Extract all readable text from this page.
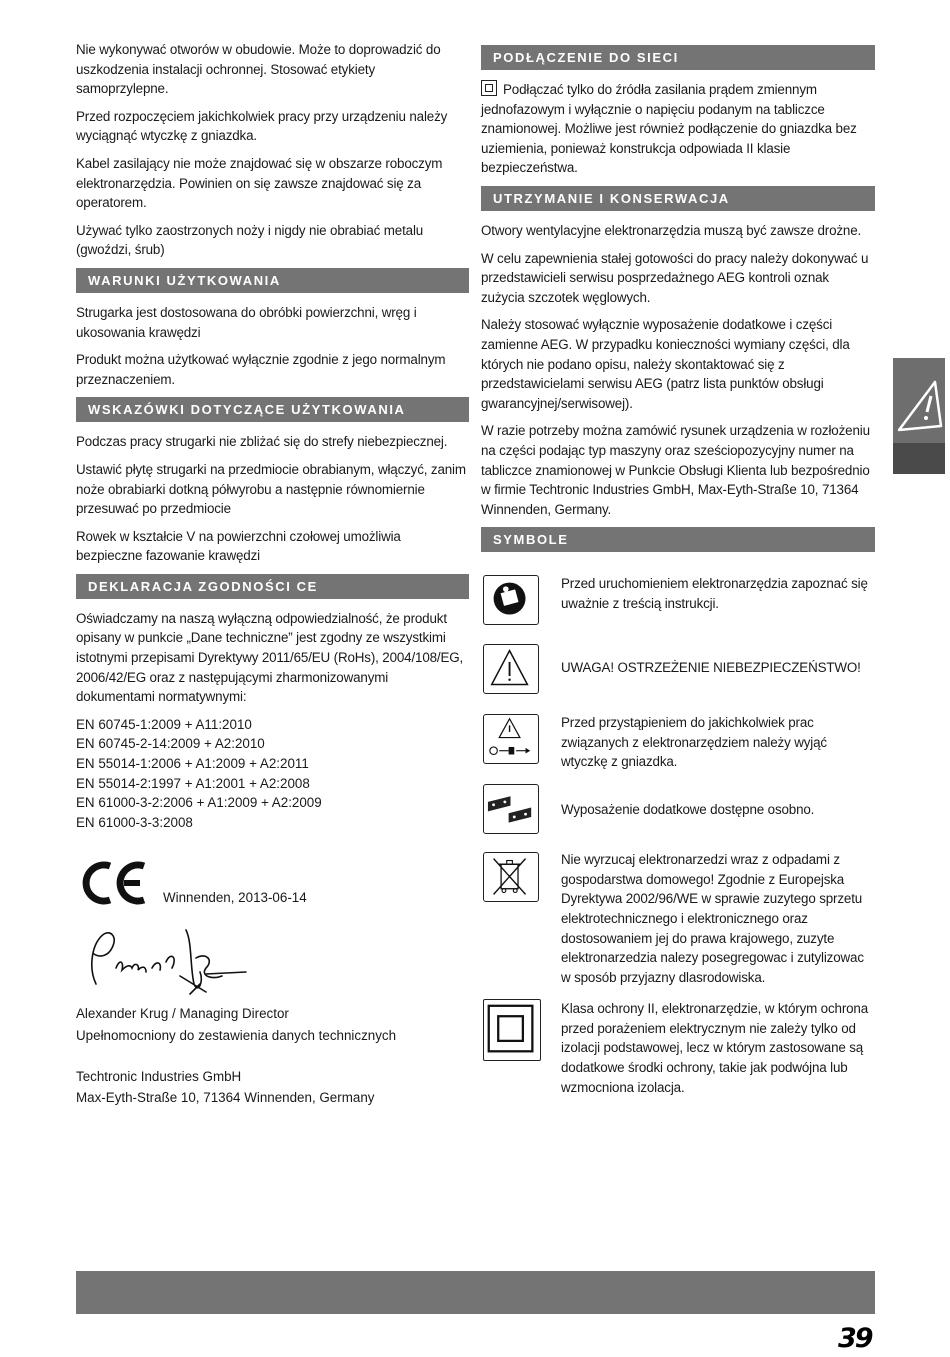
Nie wykonywać otworów w obudowie. Może to doprowadzić do uszkodzenia instalacji ochronnej. Stosować etykiety samoprzylepne.

Przed rozpoczęciem jakichkolwiek pracy przy urządzeniu należy wyciągnąć wtyczkę z gniazdka.

Kabel zasilający nie może znajdować się w obszarze roboczym elektronarzędzia. Powinien on się zawsze znajdować się za operatorem.

Używać tylko zaostrzonych noży i nigdy nie obrabiać metalu (gwoździ, śrub)

WARUNKI UŻYTKOWANIA

Strugarka jest dostosowana do obróbki powierzchni, wręg i ukosowania krawędzi

Produkt można użytkować wyłącznie zgodnie z jego normalnym przeznaczeniem.

WSKAZÓWKI DOTYCZĄCE UŻYTKOWANIA

Podczas pracy strugarki nie zbliżać się do strefy niebezpiecznej.

Ustawić płytę strugarki na przedmiocie obrabianym, włączyć, zanim noże obrabiarki dotkną półwyrobu a następnie równomiernie przesuwać po przedmiocie

Rowek w kształcie V na powierzchni czołowej umożliwia bezpieczne fazowanie krawędzi

DEKLARACJA ZGODNOŚCI CE

Oświadczamy na naszą wyłączną odpowiedzialność, że produkt opisany w punkcie „Dane techniczne” jest zgodny ze wszystkimi istotnymi przepisami Dyrektywy 2011/65/EU (RoHs), 2004/108/EG, 2006/42/EG oraz z następującymi zharmonizowanymi dokumentami normatywnymi:

EN 60745-1:2009 + A11:2010
EN 60745-2-14:2009 + A2:2010
EN 55014-1:2006 + A1:2009 + A2:2011
EN 55014-2:1997 + A1:2001 + A2:2008
EN 61000-3-2:2006 + A1:2009 + A2:2009
EN 61000-3-3:2008
Winnenden, 2013-06-14
Alexander Krug / Managing Director
Upełnomocniony do zestawienia danych technicznych
Techtronic Industries GmbH
Max-Eyth-Straße 10, 71364 Winnenden, Germany
PODŁĄCZENIE DO SIECI

Podłączać tylko do źródła zasilania prądem zmiennym jednofazowym i wyłącznie o napięciu podanym na tabliczce znamionowej. Możliwe jest również podłączenie do gniazdka bez uziemienia, ponieważ konstrukcja odpowiada II klasie bezpieczeństwa.

UTRZYMANIE I KONSERWACJA

Otwory wentylacyjne elektronarzędzia muszą być zawsze drożne.

W celu zapewnienia stałej gotowości do pracy należy dokonywać u przedstawicieli serwisu posprzedażnego AEG kontroli oznak zużycia szczotek węglowych.

Należy stosować wyłącznie wyposażenie dodatkowe i części zamienne AEG. W przypadku konieczności wymiany części, dla których nie podano opisu, należy skontaktować się z przedstawicielami serwisu AEG (patrz lista punktów obsługi gwarancyjnej/serwisowej).

W razie potrzeby można zamówić rysunek urządzenia w rozłożeniu na części podając typ maszyny oraz sześciopozycyjny numer na tabliczce znamionowej w Punkcie Obsługi Klienta lub bezpośrednio w firmie Techtronic Industries GmbH, Max-Eyth-Straße 10, 71364 Winnenden, Germany.

SYMBOLE
Przed uruchomieniem elektronarzędzia zapoznać się uważnie z treścią instrukcji.
UWAGA! OSTRZEŻENIE NIEBEZPIECZEŃSTWO!
Przed przystąpieniem do jakichkolwiek prac związanych z elektronarzędziem należy wyjąć wtyczkę z gniazdka.
Wyposażenie dodatkowe dostępne osobno.
Nie wyrzucaj elektronarzedzi wraz z odpadami z gospodarstwa domowego! Zgodnie z Europejska Dyrektywa 2002/96/WE w sprawie zuzytego sprzetu elektrotechnicznego i elektronicznego oraz dostosowaniem jej do prawa krajowego, zuzyte elektronarzedzia nalezy posegregowac i zutylizowac w sposób przyjazny dlasrodowiska.
Klasa ochrony II, elektronarzędzie, w którym ochrona przed porażeniem elektrycznym nie zależy tylko od izolacji podstawowej, lecz w którym zastosowane są dodatkowe środki ochrony, takie jak podwójna lub wzmocniona izolacja.
39
